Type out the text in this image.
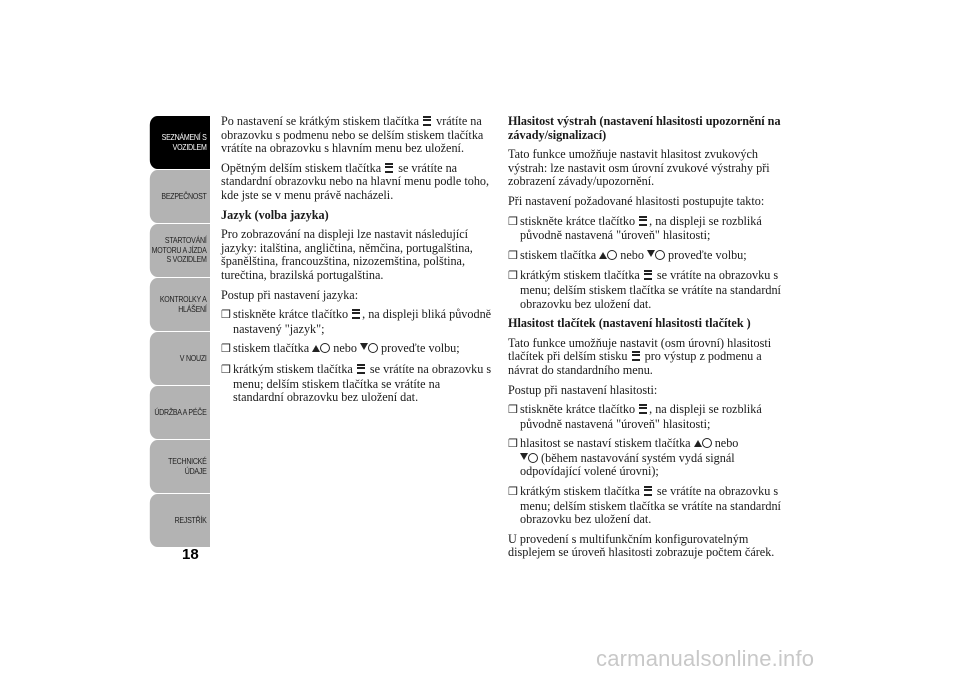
SEZNÁMENÍ S
VOZIDLEM
BEZPEČNOST
STARTOVÁNÍ
MOTORU A JÍZDA
S VOZIDLEM
KONTROLKY A
HLÁŠENÍ
V NOUZI
ÚDRŽBA A PÉČE
TECHNICKÉ
ÚDAJE
REJSTŘÍK
18

Po nastavení se krátkým stiskem tlačítka  vrátíte na obrazovku s podmenu nebo se delším stiskem tlačítka vrátíte na obrazovku s hlavním menu bez uložení.

Opětným delším stiskem tlačítka  se vrátíte na standardní obrazovku nebo na hlavní menu podle toho, kde jste se v menu právě nacházeli.

Jazyk (volba jazyka)

Pro zobrazování na displeji lze nastavit následující jazyky: italština, angličtina, němčina, portugalština, španělština, francouzština, nizozemština, polština, turečtina, brazilská portugalština.

Postup při nastavení jazyka:

❒ stiskněte krátce tlačítko , na displeji bliká původně nastavený "jazyk";
❒ stiskem tlačítka  nebo  proveďte volbu;
❒ krátkým stiskem tlačítka  se vrátíte na obrazovku s menu; delším stiskem tlačítka se vrátíte na standardní obrazovku bez uložení dat.
Hlasitost výstrah (nastavení hlasitosti upozornění na závady/signalizací)

Tato funkce umožňuje nastavit hlasitost zvukových výstrah: lze nastavit osm úrovní zvukové výstrahy při zobrazení závady/upozornění.

Při nastavení požadované hlasitosti postupujte takto:

❒ stiskněte krátce tlačítko , na displeji se rozbliká původně nastavená "úroveň" hlasitosti;
❒ stiskem tlačítka  nebo  proveďte volbu;
❒ krátkým stiskem tlačítka  se vrátíte na obrazovku s menu; delším stiskem tlačítka se vrátíte na standardní obrazovku bez uložení dat.
Hlasitost tlačítek (nastavení hlasitosti tlačítek )

Tato funkce umožňuje nastavit (osm úrovní) hlasitosti tlačítek při delším stisku  pro výstup z podmenu a návrat do standardního menu.

Postup při nastavení hlasitosti:

❒ stiskněte krátce tlačítko , na displeji se rozbliká původně nastavená "úroveň" hlasitosti;
❒ hlasitost se nastaví stiskem tlačítka  nebo
(během nastavování systém vydá signál odpovídající volené úrovni);
❒ krátkým stiskem tlačítka  se vrátíte na obrazovku s menu; delším stiskem tlačítka se vrátíte na standardní obrazovku bez uložení dat.

U provedení s multifunkčním konfigurovatelným displejem se úroveň hlasitosti zobrazuje počtem čárek.

carmanualsonline.info
